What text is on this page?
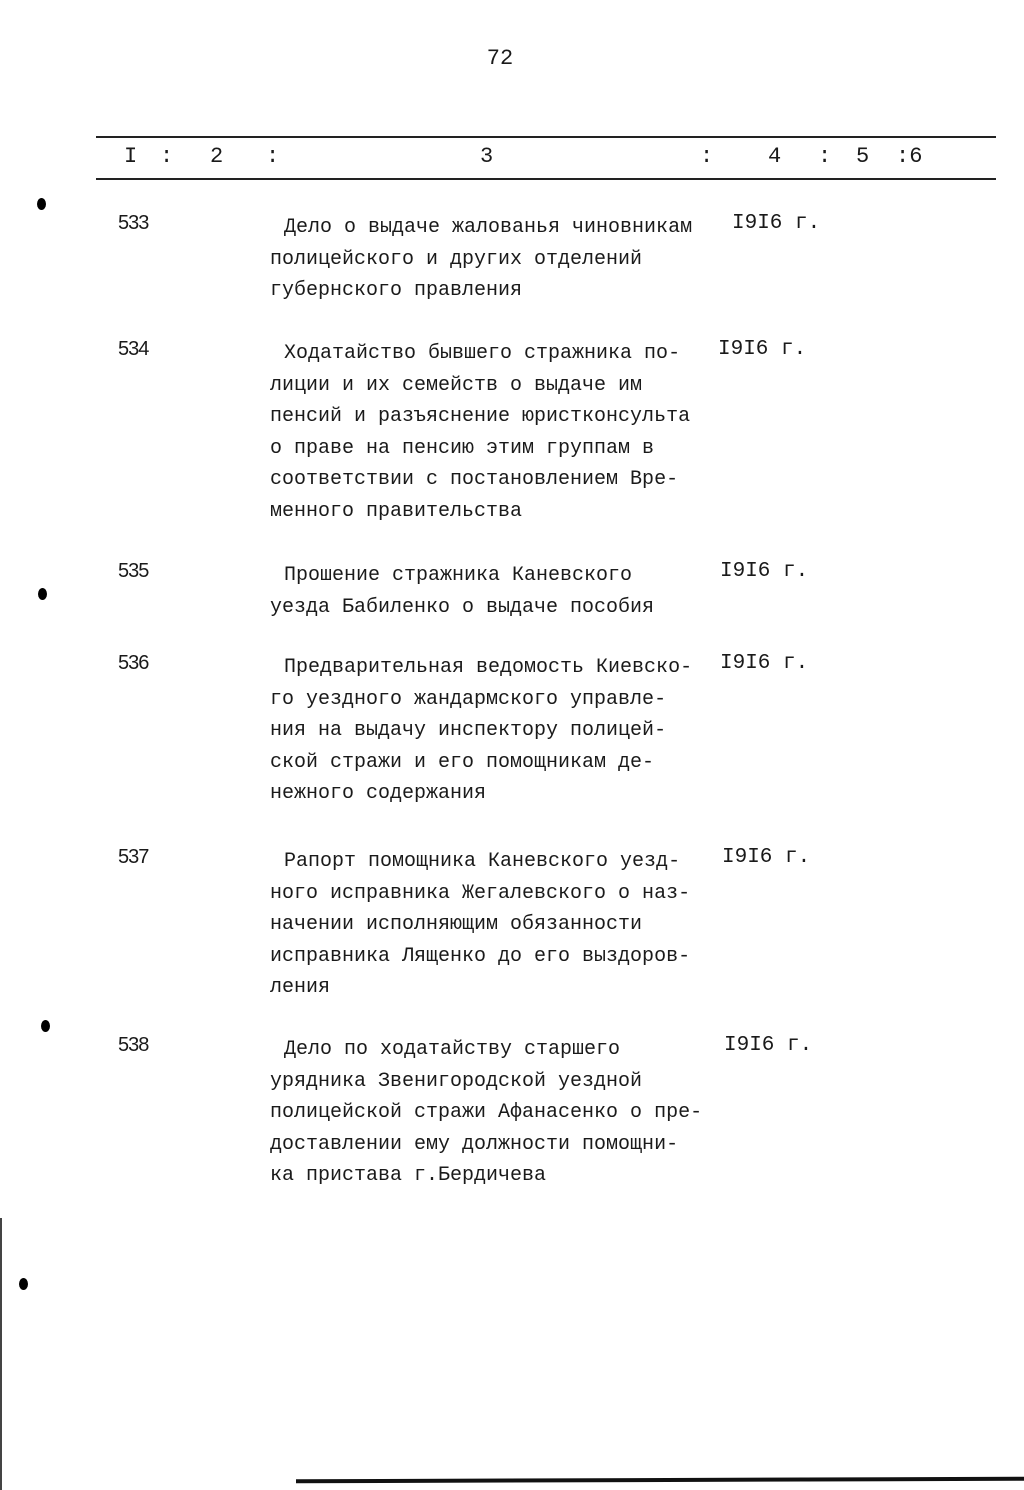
72
I : 2 :	3	: 4 : 5 :6
533	Дело о выдаче жалованья чиновникам
полицейского и других отделений
губернского правления
I9I6 г.
534	Ходатайство бывшего стражника по-
лиции и их семейств о выдаче им
пенсий и разъяснение юристконсульта
о праве на пенсию этим группам в
соответствии с постановлением Вре-
менного правительства
I9I6 г.
535	Прошение стражника Каневского
уезда Бабиленко о выдаче пособия
I9I6 г.
536	Предварительная ведомость Киевско-
го уездного жандармского управле-
ния на выдачу инспектору полицей-
ской стражи и его помощникам де-
нежного содержания
I9I6 г.
537	Рапорт помощника Каневского уезд-
ного исправника Жегалевского о наз-
начении исполняющим обязанности
исправника Лященко до его выздоров-
ления
I9I6 г.
538	Дело по ходатайству старшего
урядника Звенигородской уездной
полицейской стражи Афанасенко о пре-
доставлении ему должности помощни-
ка пристава г.Бердичева
I9I6 г.
